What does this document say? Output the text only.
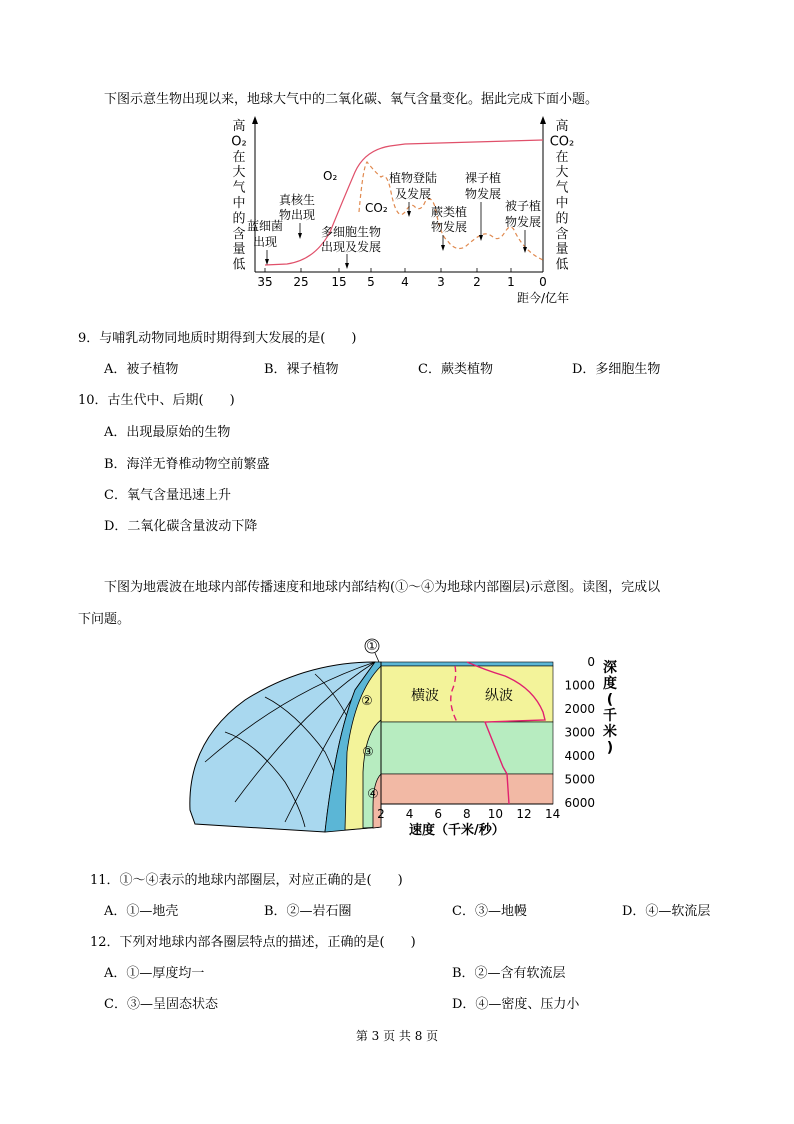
下图示意生物出现以来，地球大气中的二氧化碳、氧气含量变化。据此完成下面小题。
35 25 15 5 4 3 2 1 0
高
O₂
在
大
气
中
的
含
量
低
高
CO₂
在
大
气
中
的
含
量
低
O₂
CO₂
蓝细菌
出现
真核生
物出现
多细胞生物
出现及发展
植物登陆
及发展
蕨类植
物发展
裸子植
物发展
被子植
物发展
距今/亿年
9．与哺乳动物同地质时期得到大发展的是(　　)
A．被子植物	B．裸子植物	C．蕨类植物	D．多细胞生物
10．古生代中、后期(　　)
A．出现最原始的生物
B．海洋无脊椎动物空前繁盛
C．氧气含量迅速上升
D．二氧化碳含量波动下降
下图为地震波在地球内部传播速度和地球内部结构(①～④为地球内部圈层)示意图。读图，完成以
下问题。
横波	纵波
①
②
③
④
0
1000
2000
3000
4000
5000
6000
2 4 6 8 10 12 14
深
度
(
千
米
)
速度（千米/秒）
11．①～④表示的地球内部圈层，对应正确的是(　　)
A．①—地壳	B．②—岩石圈	C．③—地幔	D．④—软流层
12．下列对地球内部各圈层特点的描述，正确的是(　　)
A．①—厚度均一	B．②—含有软流层
C．③—呈固态状态	D．④—密度、压力小
第 3 页 共 8 页
